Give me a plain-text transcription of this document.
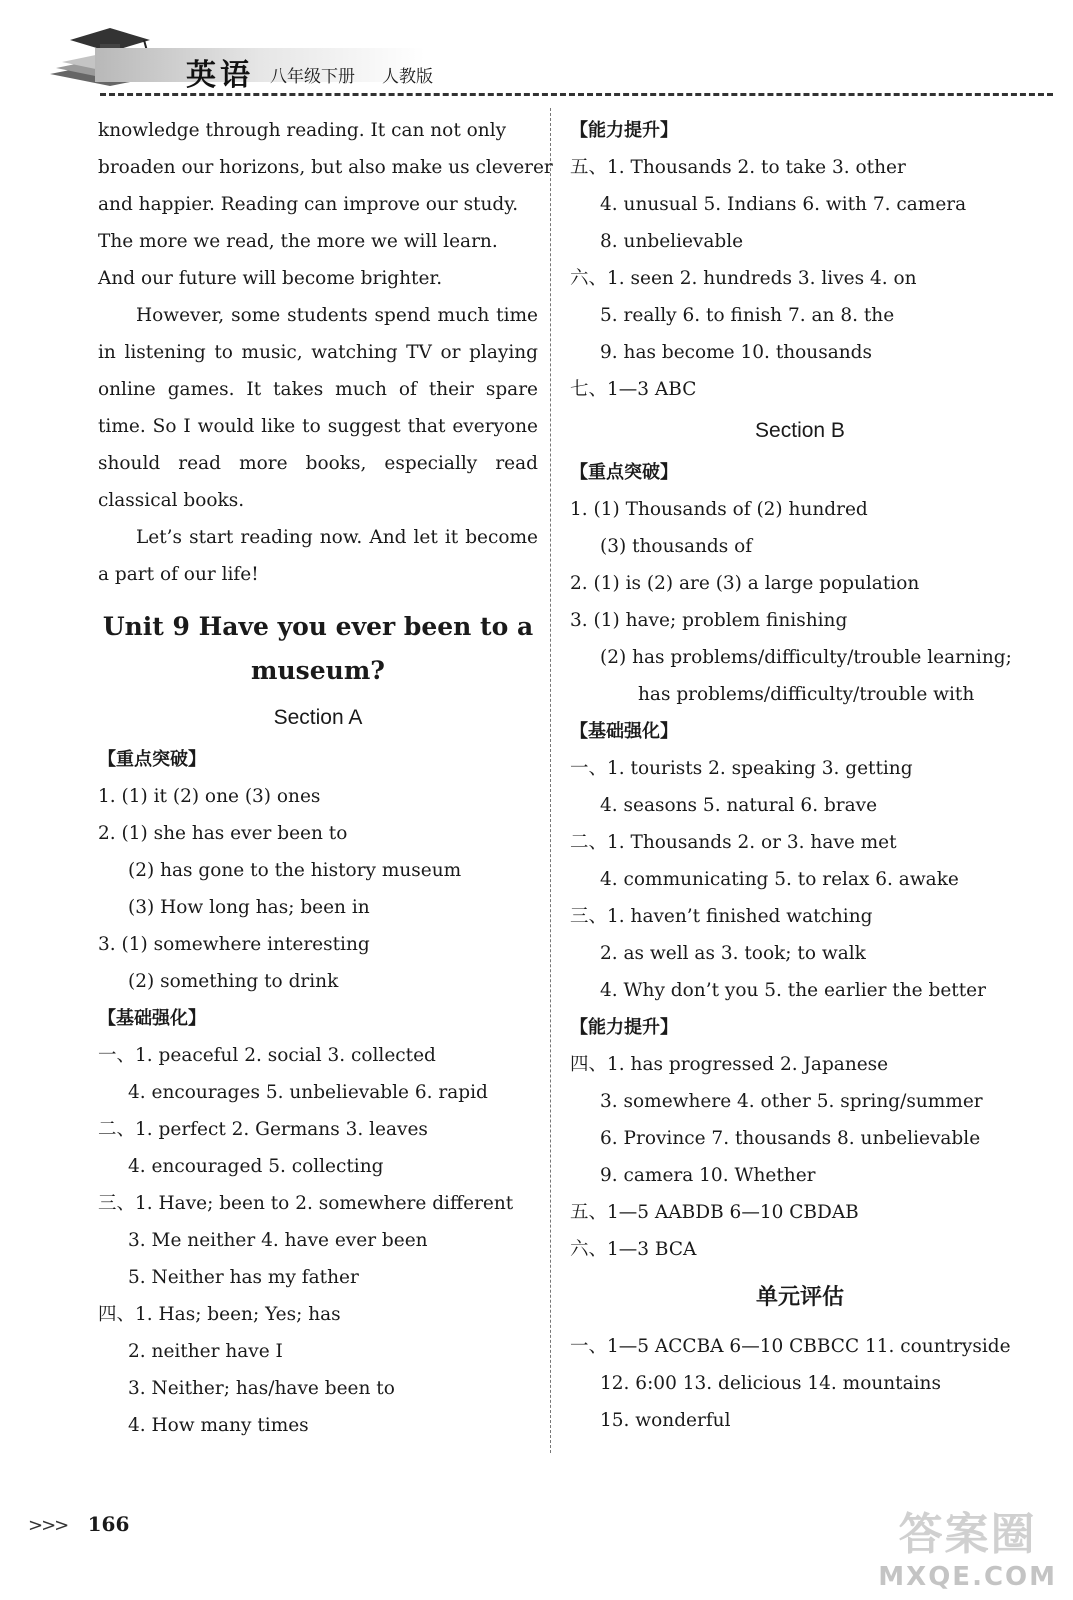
英语 八年级下册 人教版
knowledge through reading. It can not only
broaden our horizons, but also make us cleverer
and happier. Reading can improve our study.
The more we read, the more we will learn.
And our future will become brighter.

However, some students spend much time in listening to music, watching TV or playing online games. It takes much of their spare time. So I would like to suggest that everyone should read more books, especially read classical books.

Let’s start reading now. And let it become a part of our life!

Unit 9 Have you ever been to a
museum?
Section A
【重点突破】
1. (1) it (2) one (3) ones
2. (1) she has ever been to
(2) has gone to the history museum
(3) How long has; been in
3. (1) somewhere interesting
(2) something to drink
【基础强化】
一、1. peaceful 2. social 3. collected
4. encourages 5. unbelievable 6. rapid
二、1. perfect 2. Germans 3. leaves
4. encouraged 5. collecting
三、1. Have; been to 2. somewhere different
3. Me neither 4. have ever been
5. Neither has my father
四、1. Has; been; Yes; has
2. neither have I
3. Neither; has/have been to
4. How many times
【能力提升】
五、1. Thousands 2. to take 3. other
4. unusual 5. Indians 6. with 7. camera
8. unbelievable
六、1. seen 2. hundreds 3. lives 4. on
5. really 6. to finish 7. an 8. the
9. has become 10. thousands
七、1—3 ABC
Section B
【重点突破】
1. (1) Thousands of (2) hundred
(3) thousands of
2. (1) is (2) are (3) a large population
3. (1) have; problem finishing
(2) has problems/difficulty/trouble learning;
has problems/difficulty/trouble with
【基础强化】
一、1. tourists 2. speaking 3. getting
4. seasons 5. natural 6. brave
二、1. Thousands 2. or 3. have met
4. communicating 5. to relax 6. awake
三、1. haven’t finished watching
2. as well as 3. took; to walk
4. Why don’t you 5. the earlier the better
【能力提升】
四、1. has progressed 2. Japanese
3. somewhere 4. other 5. spring/summer
6. Province 7. thousands 8. unbelievable
9. camera 10. Whether
五、1—5 AABDB 6—10 CBDAB
六、1—3 BCA
单元评估
一、1—5 ACCBA 6—10 CBBCC 11. countryside
12. 6:00 13. delicious 14. mountains
15. wonderful
>>> 166	答案圈
MXQE.COM
